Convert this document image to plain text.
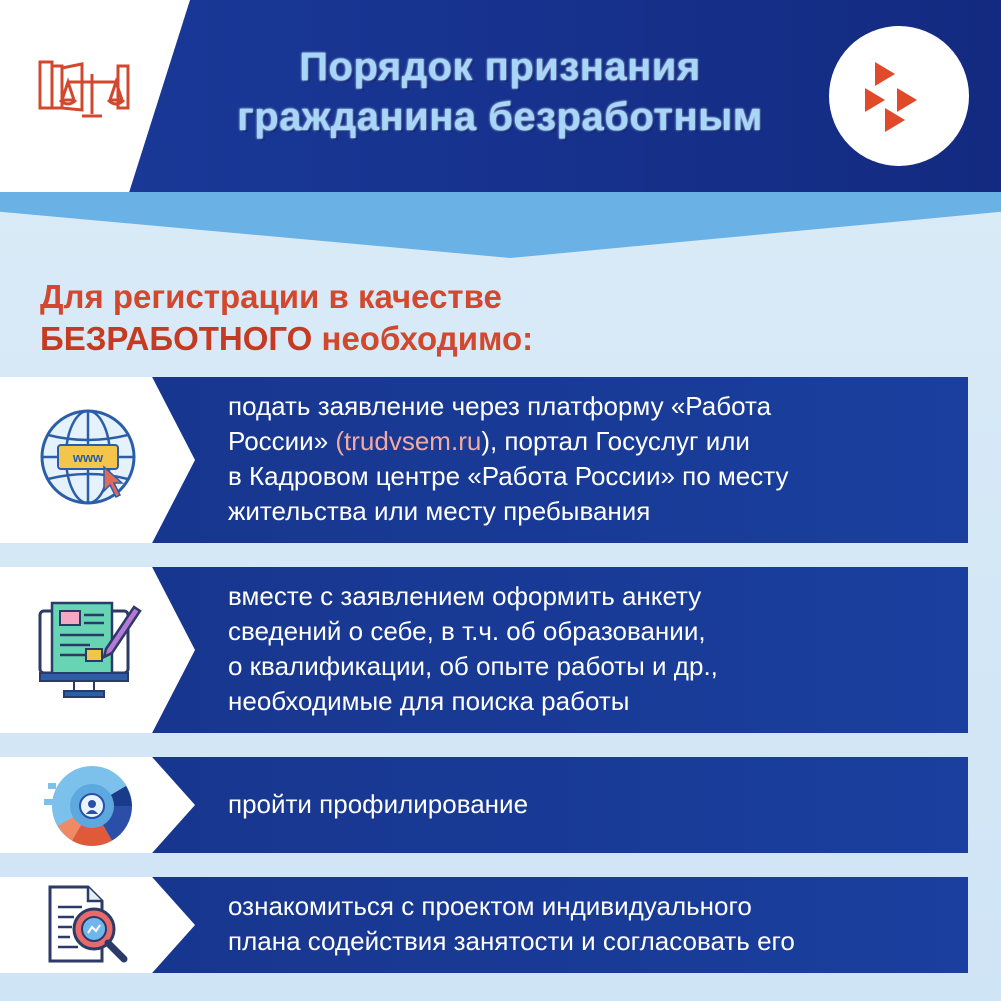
Порядок признания
гражданина безработным
Для регистрации в качестве
БЕЗРАБОТНОГО необходимо:
www
подать заявление через платформу «Работа
России» (trudvsem.ru), портал Госуслуг или
в Кадровом центре «Работа России» по месту
жительства или месту пребывания
вместе с заявлением оформить анкету
сведений о себе, в т.ч. об образовании,
о квалификации, об опыте работы и др.,
необходимые для поиска работы
пройти профилирование
ознакомиться с проектом индивидуального
плана содействия занятости и согласовать его
